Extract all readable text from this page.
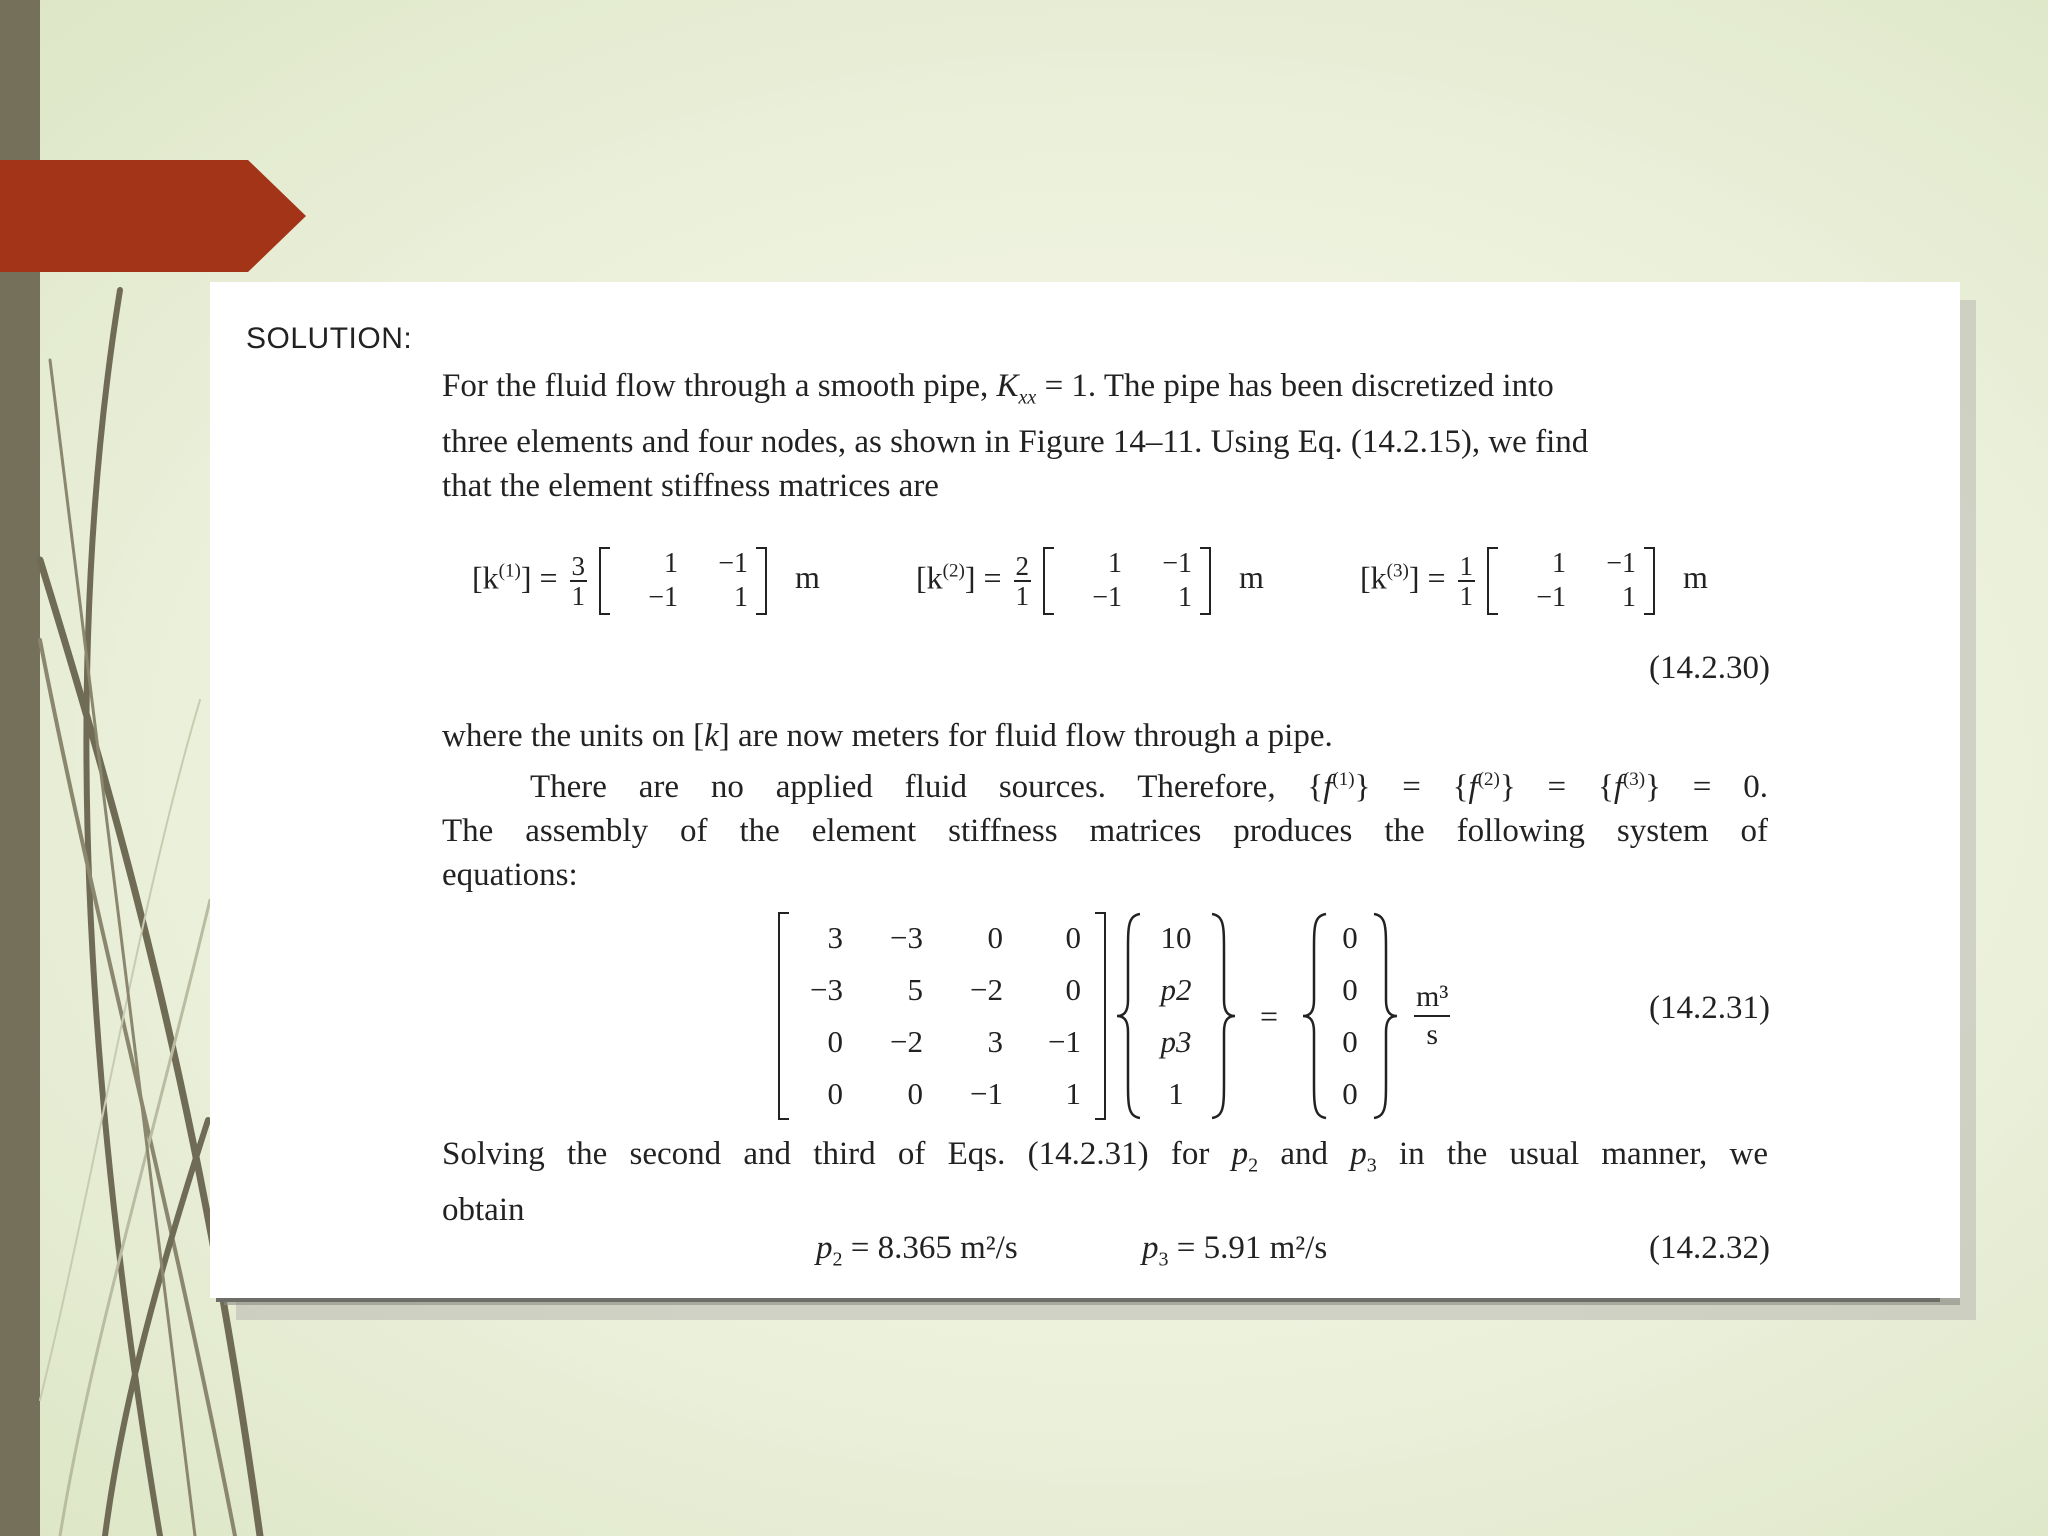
SOLUTION:
For the fluid flow through a smooth pipe, $K_{xx} = 1$. The pipe has been discretized into
three elements and four nodes, as shown in Figure 14–11. Using Eq. (14.2.15), we find
that the element stiffness matrices are
$[k^{(1)}] = \frac{3}{1}$
	1	−1
−1	1
m	$[k^{(2)}] = \frac{2}{1}$
	1	−1
−1	1
m	$[k^{(3)}] = \frac{1}{1}$
	1	−1
−1	1
m
(14.2.30)
where the units on [k] are now meters for fluid flow through a pipe.
There are no applied fluid sources. Therefore, $\{f^{(1)}\} = \{f^{(2)}\} = \{f^{(3)}\} = 0$.
The assembly of the element stiffness matrices produces the following system of
equations:
3	−3	0	0
−3	5	−2	0
0	−2	3	−1
0	0	−1	1

10
p2
p3
1
=
0
0
0
0

$\frac{\text{m³}}{s}$	(14.2.31)
Solving the second and third of Eqs. (14.2.31) for $p_2$ and $p_3$ in the usual manner, we
obtain
$p_2 = 8.365$ m²/s	$p_3 = 5.91$ m²/s	(14.2.32)
